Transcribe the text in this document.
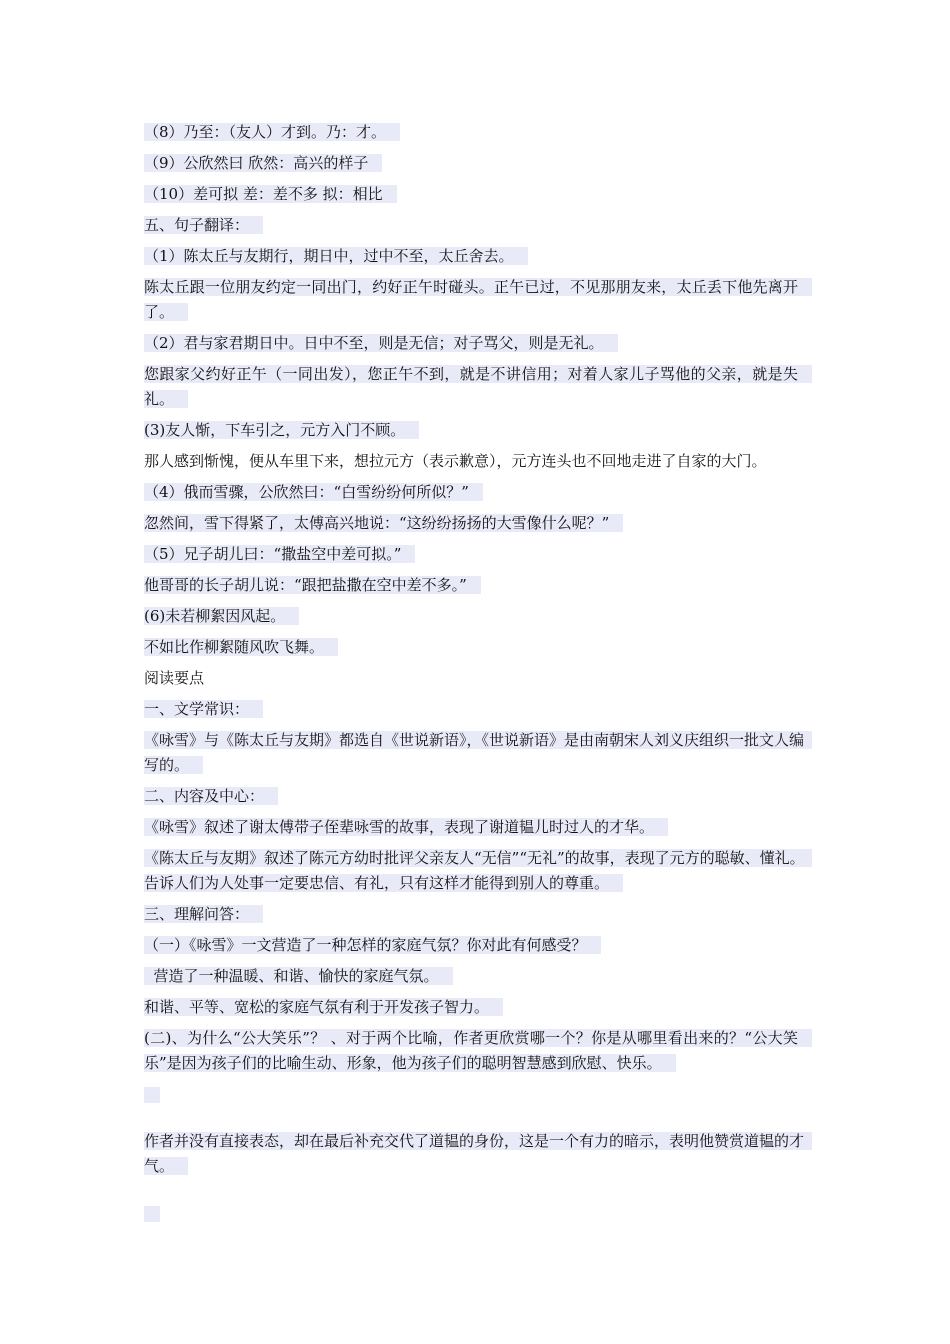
（8）乃至：（友人）才到。乃：才。
（9）公欣然曰 欣然：高兴的样子
（10）差可拟 差：差不多 拟：相比
五、句子翻译：
（1）陈太丘与友期行，期日中，过中不至，太丘舍去。
陈太丘跟一位朋友约定一同出门，约好正午时碰头。正午已过，不见那朋友来，太丘丢下他先离开了。
（2）君与家君期日中。日中不至，则是无信；对子骂父，则是无礼。
您跟家父约好正午（一同出发），您正午不到，就是不讲信用；对着人家儿子骂他的父亲，就是失礼。
(3)友人惭，下车引之，元方入门不顾。
那人感到惭愧，便从车里下来，想拉元方（表示歉意），元方连头也不回地走进了自家的大门。
（4）俄而雪骤，公欣然曰：“白雪纷纷何所似？”
忽然间，雪下得紧了，太傅高兴地说：“这纷纷扬扬的大雪像什么呢？”
（5）兄子胡儿曰：“撒盐空中差可拟。”
他哥哥的长子胡儿说：“跟把盐撒在空中差不多。”
(6)未若柳絮因风起。
不如比作柳絮随风吹飞舞。
阅读要点
一、文学常识：
《咏雪》与《陈太丘与友期》都选自《世说新语》，《世说新语》是由南朝宋人刘义庆组织一批文人编写的。
二、内容及中心：
《咏雪》叙述了谢太傅带子侄辈咏雪的故事，表现了谢道韫儿时过人的才华。
《陈太丘与友期》叙述了陈元方幼时批评父亲友人“无信”“无礼”的故事，表现了元方的聪敏、懂礼。告诉人们为人处事一定要忠信、有礼，只有这样才能得到别人的尊重。
三、理解问答：
（一）《咏雪》一文营造了一种怎样的家庭气氛？你对此有何感受？
营造了一种温暖、和谐、愉快的家庭气氛。
和谐、平等、宽松的家庭气氛有利于开发孩子智力。
(二)、为什么“公大笑乐”？ 、对于两个比喻，作者更欣赏哪一个？你是从哪里看出来的？“公大笑乐”是因为孩子们的比喻生动、形象，他为孩子们的聪明智慧感到欣慰、快乐。
作者并没有直接表态，却在最后补充交代了道韫的身份，这是一个有力的暗示，表明他赞赏道韫的才气。
